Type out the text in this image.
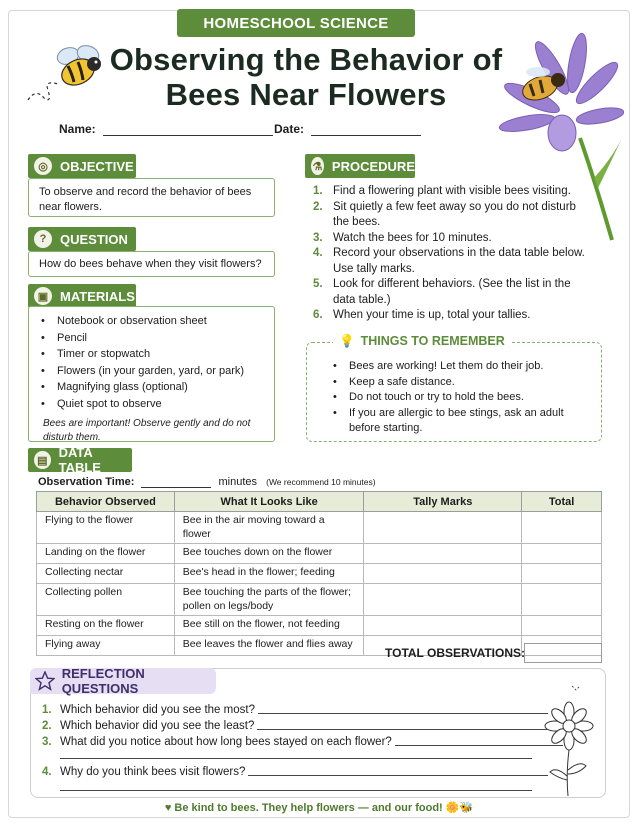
HOMESCHOOL SCIENCE
Observing the Behavior of
Bees Near Flowers
Name:	Date:
◎ OBJECTIVE
To observe and record the behavior of bees near flowers.
?	QUESTION
How do bees behave when they visit flowers?
▣ MATERIALS
• Notebook or observation sheet
• Pencil
• Timer or stopwatch
• Flowers (in your garden, yard, or park)
• Magnifying glass (optional)
• Quiet spot to observe
Bees are important! Observe gently and do not disturb them.
⚗ PROCEDURE
1. Find a flowering plant with visible bees visiting.
2. Sit quietly a few feet away so you do not disturb the bees.
3. Watch the bees for 10 minutes.
4. Record your observations in the data table below. Use tally marks.
5. Look for different behaviors. (See the list in the data table.)
6. When your time is up, total your tallies.
💡 THINGS TO REMEMBER
• Bees are working! Let them do their job.
• Keep a safe distance.
• Do not touch or try to hold the bees.
• If you are allergic to bee stings, ask an adult before starting.
▤
DATA TABLE
Observation Time:	minutes (We recommend 10 minutes)
Behavior Observed	What It Looks Like	Tally Marks	Total
Flying to the flower	Bee in the air moving toward a flower		
Landing on the flower	Bee touches down on the flower		
Collecting nectar	Bee's head in the flower; feeding		
Collecting pollen	Bee touching the parts of the flower; pollen on legs/body		
Resting on the flower	Bee still on the flower, not feeding		
Flying away	Bee leaves the flower and flies away		
TOTAL OBSERVATIONS:
REFLECTION QUESTIONS
1. Which behavior did you see the most?
2. Which behavior did you see the least?
3. What did you notice about how long bees stayed on each flower?
4. Why do you think bees visit flowers?
♥ Be kind to bees. They help flowers — and our food! 🌼🐝
